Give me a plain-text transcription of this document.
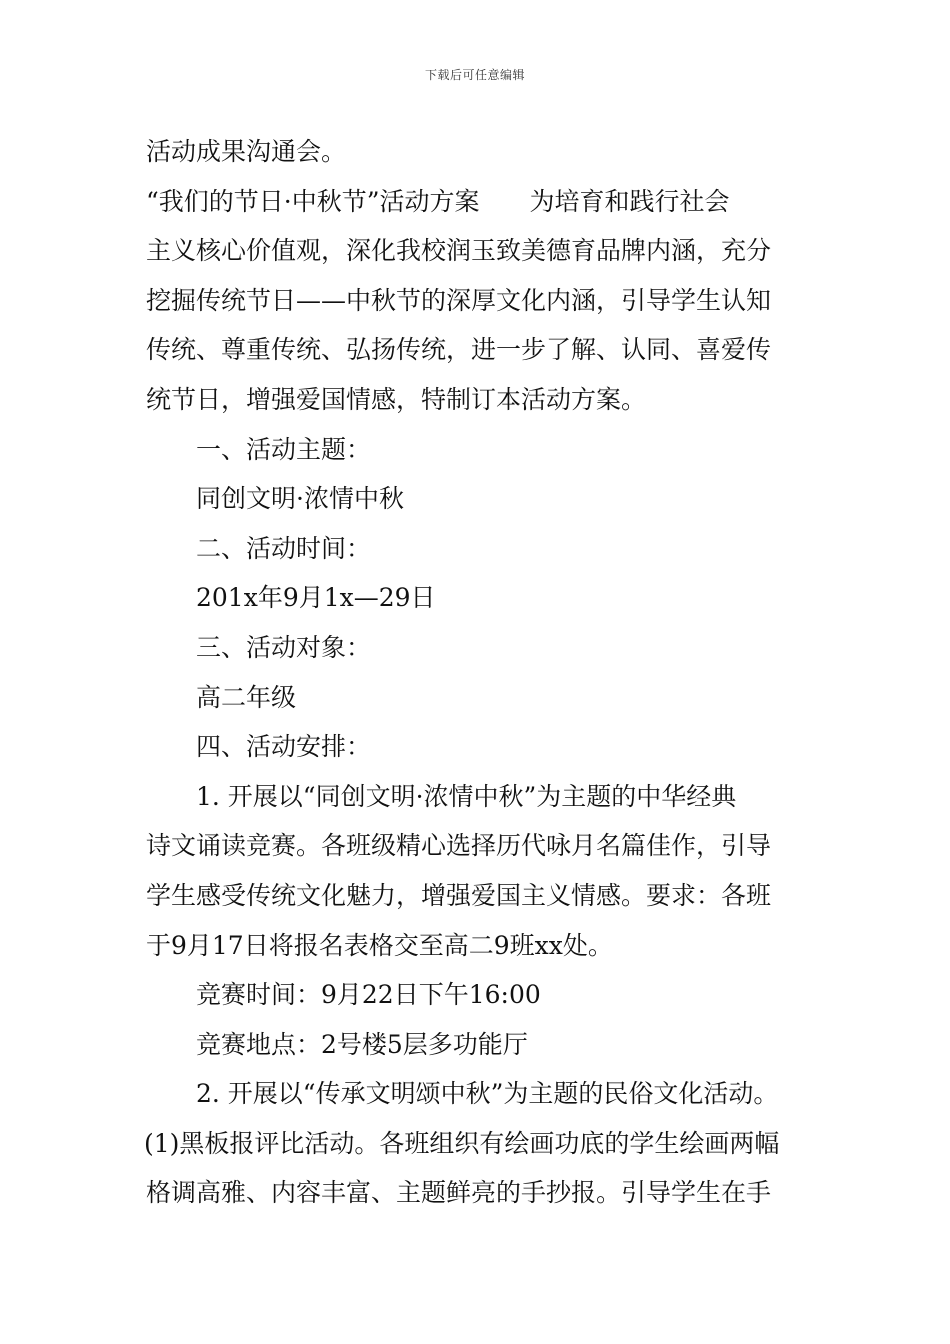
下载后可任意编辑
活动成果沟通会。
“我们的节日·中秋节”活动方案　　为培育和践行社会
主义核心价值观，深化我校润玉致美德育品牌内涵，充分
挖掘传统节日——中秋节的深厚文化内涵，引导学生认知
传统、尊重传统、弘扬传统，进一步了解、认同、喜爱传
统节日，增强爱国情感，特制订本活动方案。
一、活动主题：
同创文明·浓情中秋
二、活动时间：
201x年9月1x—29日
三、活动对象：
高二年级
四、活动安排：
1. 开展以“同创文明·浓情中秋”为主题的中华经典
诗文诵读竞赛。各班级精心选择历代咏月名篇佳作，引导
学生感受传统文化魅力，增强爱国主义情感。要求：各班
于9月17日将报名表格交至高二9班xx处。
竞赛时间：9月22日下午16:00
竞赛地点：2号楼5层多功能厅
2. 开展以“传承文明颂中秋”为主题的民俗文化活动。
(1)黑板报评比活动。各班组织有绘画功底的学生绘画两幅
格调高雅、内容丰富、主题鲜亮的手抄报。引导学生在手
